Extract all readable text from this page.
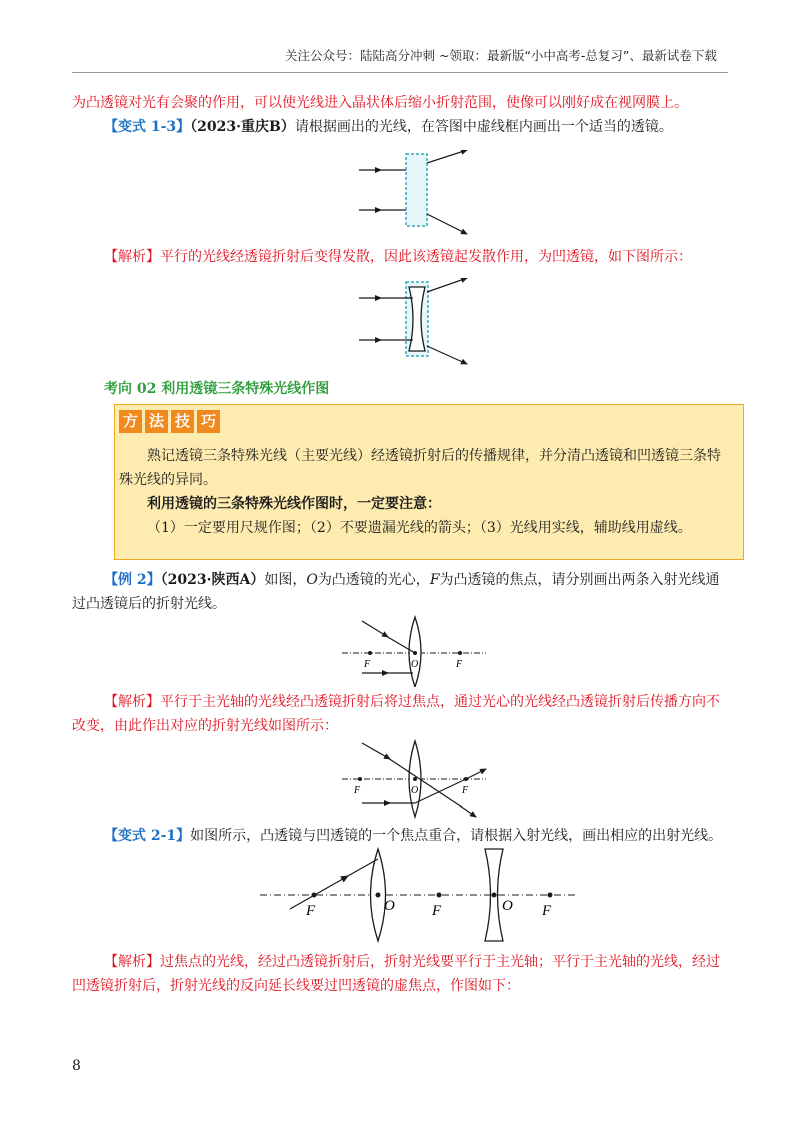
关注公众号：陆陆高分冲刺 ~领取：最新版“小中高考-总复习”、最新试卷下载
为凸透镜对光有会聚的作用，可以使光线进入晶状体后缩小折射范围，使像可以刚好成在视网膜上。
【变式 1-3】（2023·重庆B）请根据画出的光线，在答图中虚线框内画出一个适当的透镜。
【解析】平行的光线经透镜折射后变得发散，因此该透镜起发散作用，为凹透镜，如下图所示：
考向 02 利用透镜三条特殊光线作图
方 法 技 巧
熟记透镜三条特殊光线（主要光线）经透镜折射后的传播规律，并分清凸透镜和凹透镜三条特
殊光线的异同。
利用透镜的三条特殊光线作图时，一定要注意：
（1）一定要用尺规作图；（2）不要遗漏光线的箭头；（3）光线用实线，辅助线用虚线。
【例 2】（2023·陕西A）如图，O为凸透镜的光心，F为凸透镜的焦点，请分别画出两条入射光线通
过凸透镜后的折射光线。
F	O	F
【解析】平行于主光轴的光线经凸透镜折射后将过焦点，通过光心的光线经凸透镜折射后传播方向不
改变，由此作出对应的折射光线如图所示：
F	O	F
【变式 2-1】如图所示，凸透镜与凹透镜的一个焦点重合，请根据入射光线，画出相应的出射光线。
F	O F	O F
【解析】过焦点的光线，经过凸透镜折射后，折射光线要平行于主光轴；平行于主光轴的光线，经过
凹透镜折射后，折射光线的反向延长线要过凹透镜的虚焦点，作图如下：
8
